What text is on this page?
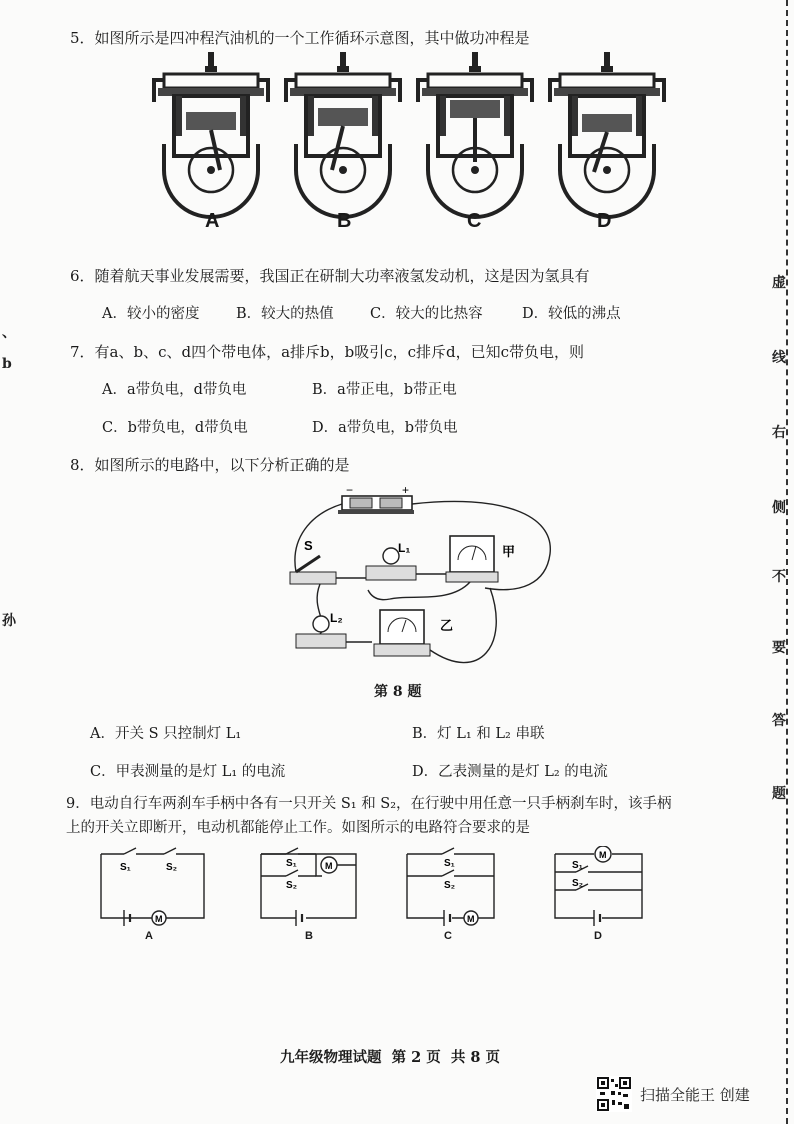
虚
线
右
侧
不
要
答
题
、
b
孙
5．如图所示是四冲程汽油机的一个工作循环示意图，其中做功冲程是
A	B	C	D
6．随着航天事业发展需要，我国正在研制大功率液氢发动机，这是因为氢具有
A．较小的密度	B．较大的热值	C．较大的比热容	D．较低的沸点
7．有a、b、c、d四个带电体，a排斥b，b吸引c，c排斥d，已知c带负电，则
A．a带负电，d带负电	B．a带正电，b带正电
C．b带负电，d带负电	D．a带负电，b带负电
8．如图所示的电路中，以下分析正确的是
−	+
S	L₁	甲
L₂	乙
第 8 题
A．开关 S 只控制灯 L₁	B．灯 L₁ 和 L₂ 串联
C．甲表测量的是灯 L₁ 的电流	D．乙表测量的是灯 L₂ 的电流
9．电动自行车两刹车手柄中各有一只开关 S₁ 和 S₂，在行驶中用任意一只手柄刹车时，该手柄
上的开关立即断开，电动机都能停止工作。如图所示的电路符合要求的是
S₁	S₂
M
M
S₁
S₂
S₁
S₂
M
M
S₁
S₂
A	B	C	D
九年级物理试题  第 2 页  共 8 页
扫描全能王 创建
